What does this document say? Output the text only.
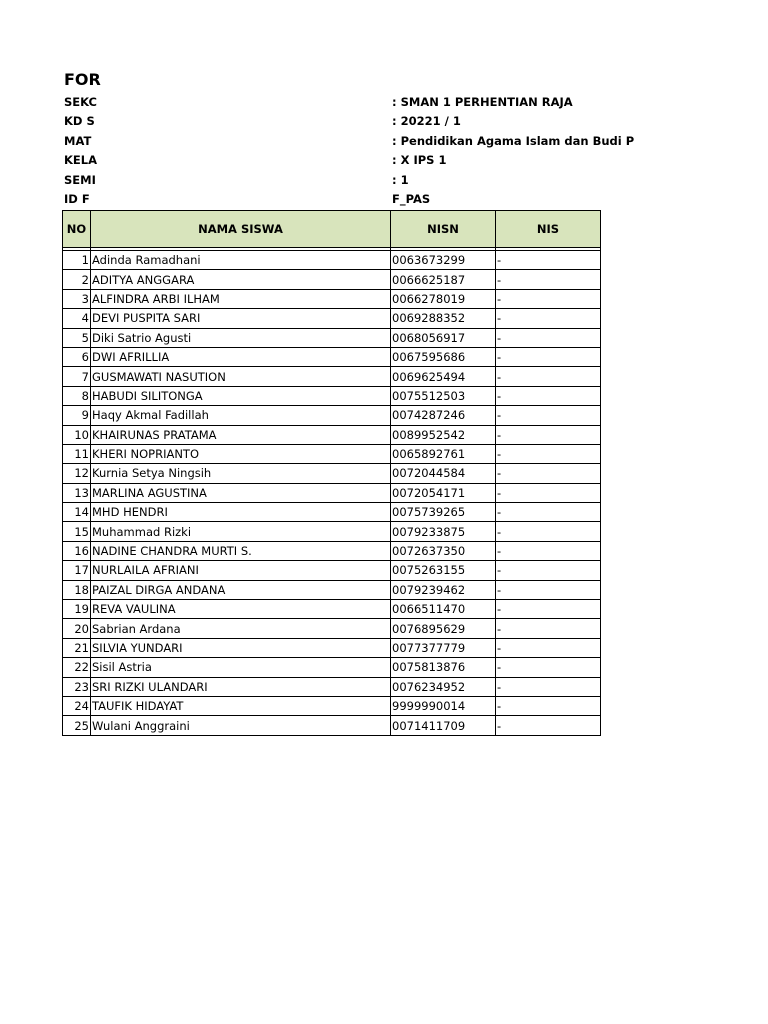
FOR
SEKC	: SMAN 1 PERHENTIAN RAJA
KD S	: 20221 / 1
MAT	: Pendidikan Agama Islam dan Budi P
KELA	: X IPS 1
SEMI	: 1
ID F	F_PAS
NO	NAMA SISWA	NISN	NIS

1	Adinda Ramadhani	0063673299	-
2	ADITYA ANGGARA	0066625187	-
3	ALFINDRA ARBI ILHAM	0066278019	-
4	DEVI PUSPITA SARI	0069288352	-
5	Diki Satrio Agusti	0068056917	-
6	DWI AFRILLIA	0067595686	-
7	GUSMAWATI NASUTION	0069625494	-
8	HABUDI SILITONGA	0075512503	-
9	Haqy Akmal Fadillah	0074287246	-
10	KHAIRUNAS PRATAMA	0089952542	-
11	KHERI NOPRIANTO	0065892761	-
12	Kurnia Setya Ningsih	0072044584	-
13	MARLINA AGUSTINA	0072054171	-
14	MHD HENDRI	0075739265	-
15	Muhammad Rizki	0079233875	-
16	NADINE CHANDRA MURTI S.	0072637350	-
17	NURLAILA AFRIANI	0075263155	-
18	PAIZAL DIRGA ANDANA	0079239462	-
19	REVA VAULINA	0066511470	-
20	Sabrian Ardana	0076895629	-
21	SILVIA YUNDARI	0077377779	-
22	Sisil Astria	0075813876	-
23	SRI RIZKI ULANDARI	0076234952	-
24	TAUFIK HIDAYAT	9999990014	-
25	Wulani Anggraini	0071411709	-
